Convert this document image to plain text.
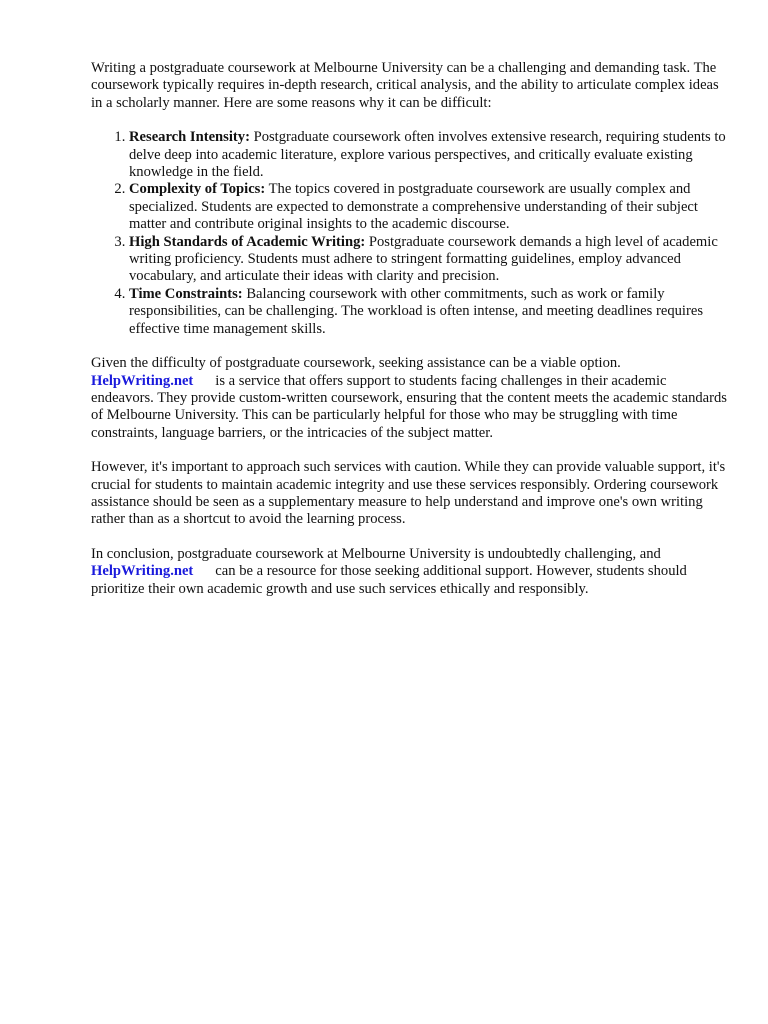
Writing a postgraduate coursework at Melbourne University can be a challenging and demanding task. The coursework typically requires in-depth research, critical analysis, and the ability to articulate complex ideas in a scholarly manner. Here are some reasons why it can be difficult:

1. Research Intensity: Postgraduate coursework often involves extensive research, requiring students to delve deep into academic literature, explore various perspectives, and critically evaluate existing knowledge in the field.
2. Complexity of Topics: The topics covered in postgraduate coursework are usually complex and specialized. Students are expected to demonstrate a comprehensive understanding of their subject matter and contribute original insights to the academic discourse.
3. High Standards of Academic Writing: Postgraduate coursework demands a high level of academic writing proficiency. Students must adhere to stringent formatting guidelines, employ advanced vocabulary, and articulate their ideas with clarity and precision.
4. Time Constraints: Balancing coursework with other commitments, such as work or family responsibilities, can be challenging. The workload is often intense, and meeting deadlines requires effective time management skills.

Given the difficulty of postgraduate coursework, seeking assistance can be a viable option.
HelpWriting.net is a service that offers support to students facing challenges in their academic endeavors. They provide custom-written coursework, ensuring that the content meets the academic standards of Melbourne University. This can be particularly helpful for those who may be struggling with time constraints, language barriers, or the intricacies of the subject matter.

However, it's important to approach such services with caution. While they can provide valuable support, it's crucial for students to maintain academic integrity and use these services responsibly. Ordering coursework assistance should be seen as a supplementary measure to help understand and improve one's own writing rather than as a shortcut to avoid the learning process.

In conclusion, postgraduate coursework at Melbourne University is undoubtedly challenging, and
HelpWriting.net can be a resource for those seeking additional support. However, students should prioritize their own academic growth and use such services ethically and responsibly.
